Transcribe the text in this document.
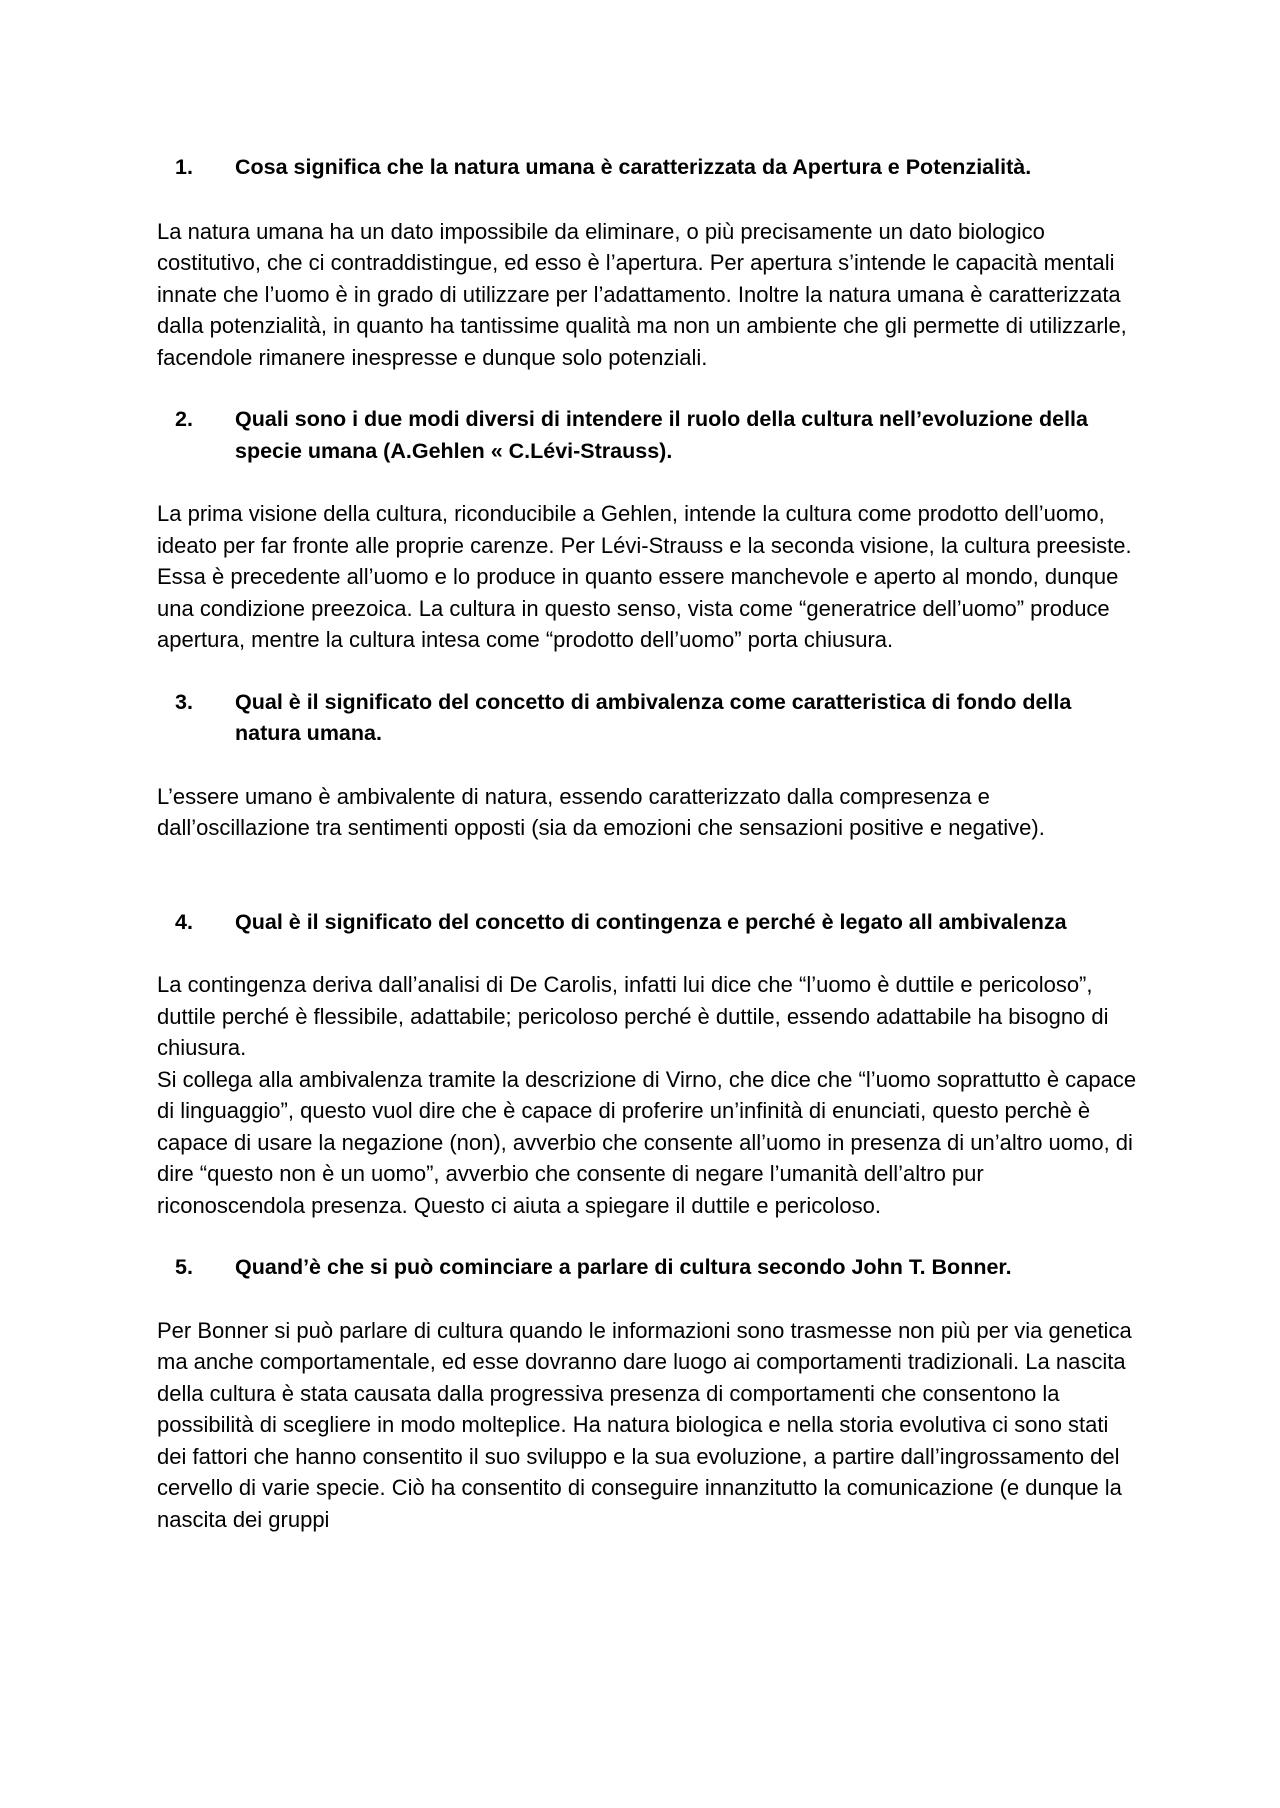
1.	Cosa significa che la natura umana è caratterizzata da Apertura e Potenzialità.

La natura umana ha un dato impossibile da eliminare, o più precisamente un dato biologico costitutivo, che ci contraddistingue, ed esso è l’apertura. Per apertura s’intende le capacità mentali innate che l’uomo è in grado di utilizzare per l’adattamento. Inoltre la natura umana è caratterizzata dalla potenzialità, in quanto ha tantissime qualità ma non un ambiente che gli permette di utilizzarle, facendole rimanere inespresse e dunque solo potenziali.

2.	Quali sono i due modi diversi di intendere il ruolo della cultura nell’evoluzione della specie umana (A.Gehlen « C.Lévi-Strauss).

La prima visione della cultura, riconducibile a Gehlen, intende la cultura come prodotto dell’uomo, ideato per far fronte alle proprie carenze. Per Lévi-Strauss e la seconda visione, la cultura preesiste. Essa è precedente all’uomo e lo produce in quanto essere manchevole e aperto al mondo, dunque una condizione preezoica. La cultura in questo senso, vista come “generatrice dell’uomo” produce apertura, mentre la cultura intesa come “prodotto dell’uomo” porta chiusura.

3.	Qual è il significato del concetto di ambivalenza come caratteristica di fondo della natura umana.

L’essere umano è ambivalente di natura, essendo caratterizzato dalla compresenza e dall’oscillazione tra sentimenti opposti (sia da emozioni che sensazioni positive e negative).

4.	Qual è il significato del concetto di contingenza e perché è legato all ambivalenza

La contingenza deriva dall’analisi di De Carolis, infatti lui dice che “l’uomo è duttile e pericoloso”, duttile perché è flessibile, adattabile; pericoloso perché è duttile, essendo adattabile ha bisogno di chiusura.

Si collega alla ambivalenza tramite la descrizione di Virno, che dice che “l’uomo soprattutto è capace di linguaggio”, questo vuol dire che è capace di proferire un’infinità di enunciati, questo perchè è capace di usare la negazione (non), avverbio che consente all’uomo in presenza di un’altro uomo, di dire “questo non è un uomo”, avverbio che consente di negare l’umanità dell’altro pur riconoscendola presenza. Questo ci aiuta a spiegare il duttile e pericoloso.

5.	Quand’è che si può cominciare a parlare di cultura secondo John T. Bonner.

Per Bonner si può parlare di cultura quando le informazioni sono trasmesse non più per via genetica ma anche comportamentale, ed esse dovranno dare luogo ai comportamenti tradizionali. La nascita della cultura è stata causata dalla progressiva presenza di comportamenti che consentono la possibilità di scegliere in modo molteplice. Ha natura biologica e nella storia evolutiva ci sono stati dei fattori che hanno consentito il suo sviluppo e la sua evoluzione, a partire dall’ingrossamento del cervello di varie specie. Ciò ha consentito di conseguire innanzitutto la comunicazione (e dunque la nascita dei gruppi
